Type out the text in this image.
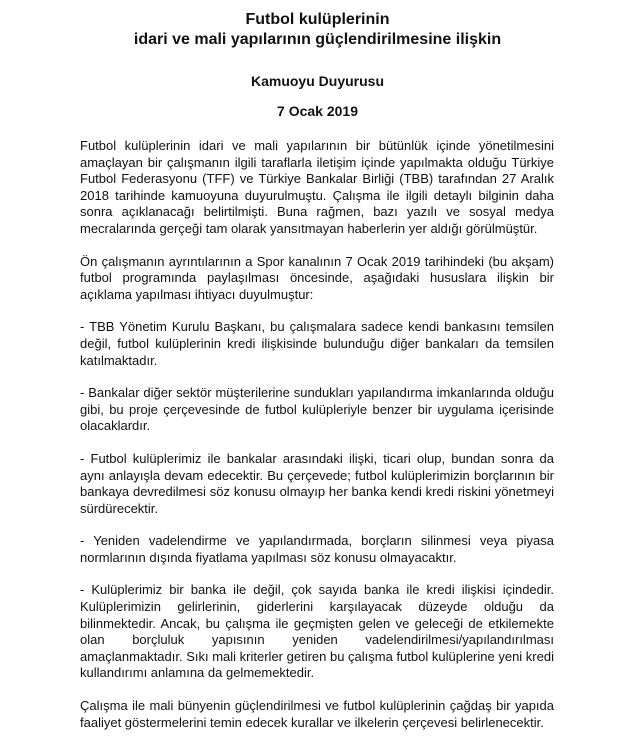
Futbol kulüplerinin
idari ve mali yapılarının güçlendirilmesine ilişkin
Kamuoyu Duyurusu
7 Ocak 2019

Futbol kulüplerinin idari ve mali yapılarının bir bütünlük içinde yönetilmesini amaçlayan bir çalışmanın ilgili taraflarla iletişim içinde yapılmakta olduğu Türkiye Futbol Federasyonu (TFF) ve Türkiye Bankalar Birliği (TBB) tarafından 27 Aralık 2018 tarihinde kamuoyuna duyurulmuştu. Çalışma ile ilgili detaylı bilginin daha sonra açıklanacağı belirtilmişti. Buna rağmen, bazı yazılı ve sosyal medya mecralarında gerçeği tam olarak yansıtmayan haberlerin yer aldığı görülmüştür.

Ön çalışmanın ayrıntılarının a Spor kanalının 7 Ocak 2019 tarihindeki (bu akşam) futbol programında paylaşılması öncesinde, aşağıdaki hususlara ilişkin bir açıklama yapılması ihtiyacı duyulmuştur:

- TBB Yönetim Kurulu Başkanı, bu çalışmalara sadece kendi bankasını temsilen değil, futbol kulüplerinin kredi ilişkisinde bulunduğu diğer bankaları da temsilen katılmaktadır.

- Bankalar diğer sektör müşterilerine sundukları yapılandırma imkanlarında olduğu gibi, bu proje çerçevesinde de futbol kulüpleriyle benzer bir uygulama içerisinde olacaklardır.

- Futbol kulüplerimiz ile bankalar arasındaki ilişki, ticari olup, bundan sonra da aynı anlayışla devam edecektir. Bu çerçevede; futbol kulüplerimizin borçlarının bir bankaya devredilmesi söz konusu olmayıp her banka kendi kredi riskini yönetmeyi sürdürecektir.

- Yeniden vadelendirme ve yapılandırmada, borçların silinmesi veya piyasa normlarının dışında fiyatlama yapılması söz konusu olmayacaktır.

- Kulüplerimiz bir banka ile değil, çok sayıda banka ile kredi ilişkisi içindedir. Kulüplerimizin gelirlerinin, giderlerini karşılayacak düzeyde olduğu da bilinmektedir. Ancak, bu çalışma ile geçmişten gelen ve geleceği de etkilemekte olan borçluluk yapısının yeniden vadelendirilmesi/yapılandırılması amaçlanmaktadır. Sıkı mali kriterler getiren bu çalışma futbol kulüplerine yeni kredi kullandırımı anlamına da gelmemektedir.

Çalışma ile mali bünyenin güçlendirilmesi ve futbol kulüplerinin çağdaş bir yapıda faaliyet göstermelerini temin edecek kurallar ve ilkelerin çerçevesi belirlenecektir.
